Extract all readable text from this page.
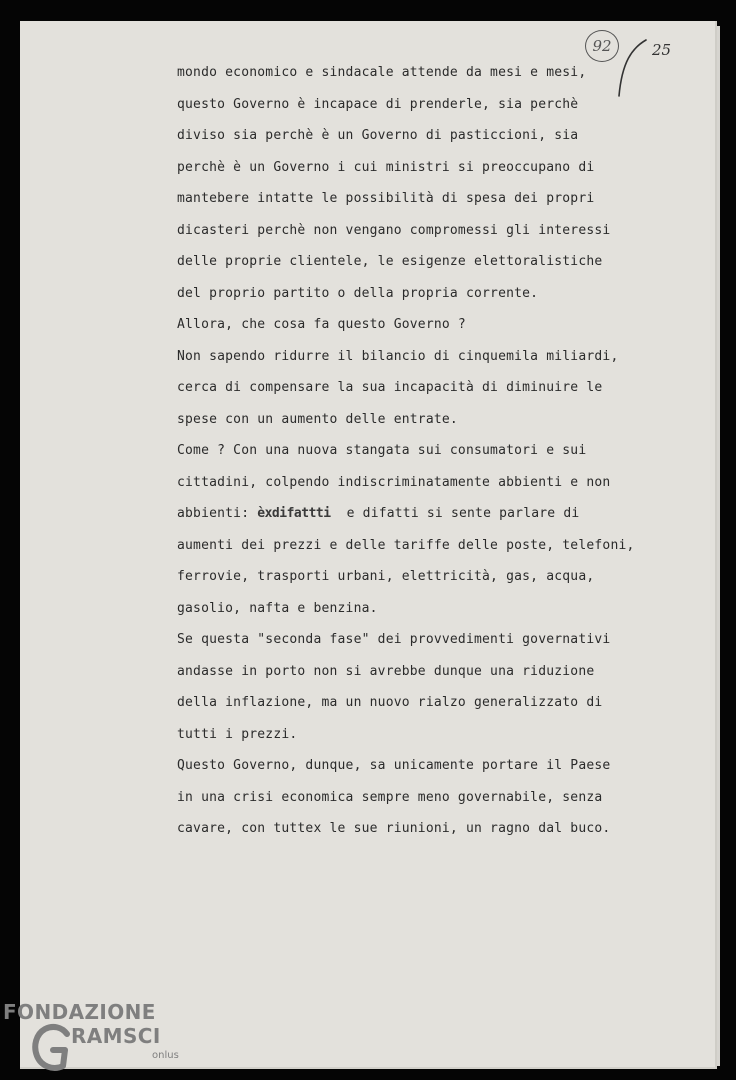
92	25
mondo economico e sindacale attende da mesi e mesi,
questo Governo è incapace di prenderle, sia perchè
diviso sia perchè è un Governo di pasticcioni, sia
perchè è un Governo i cui ministri si preoccupano di
mantebere intatte le possibilità di spesa dei propri
dicasteri perchè non vengano compromessi gli interessi
delle proprie clientele, le esigenze elettoralistiche
del proprio partito o della propria corrente.
Allora, che cosa fa questo Governo ?
Non sapendo ridurre il bilancio di cinquemila miliardi,
cerca di compensare la sua incapacità di diminuire le
spese con un aumento delle entrate.
Come ? Con una nuova stangata sui consumatori e sui
cittadini, colpendo indiscriminatamente abbienti e non
abbienti: èxdifattti  e difatti si sente parlare di
aumenti dei prezzi e delle tariffe delle poste, telefoni,
ferrovie, trasporti urbani, elettricità, gas, acqua,
gasolio, nafta e benzina.
Se questa "seconda fase" dei provvedimenti governativi
andasse in porto non si avrebbe dunque una riduzione
della inflazione, ma un nuovo rialzo generalizzato di
tutti i prezzi.
Questo Governo, dunque, sa unicamente portare il Paese
in una crisi economica sempre meno governabile, senza
cavare, con tuttex le sue riunioni, un ragno dal buco.
FONDAZIONE
RAMSCI
onlus
